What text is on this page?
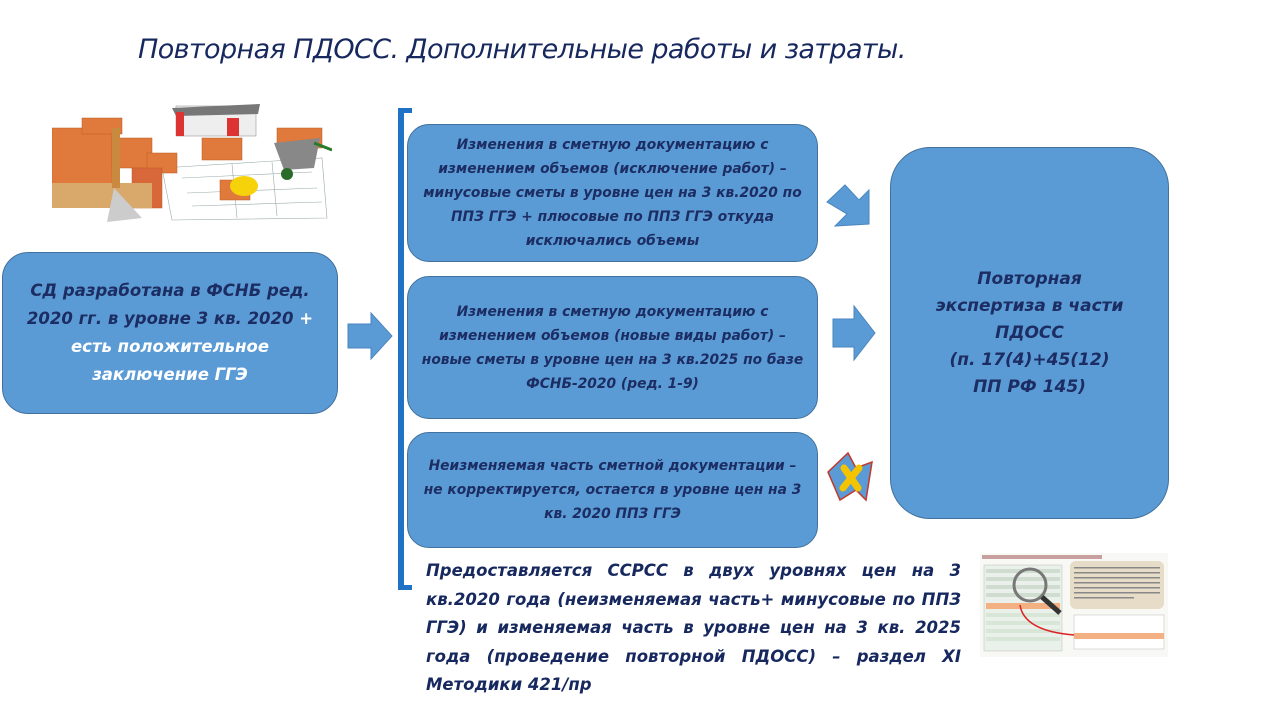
Повторная ПДОСС. Дополнительные работы и затраты.
СД разработана в ФСНБ ред. 2020 гг. в уровне 3 кв. 2020 + есть положительное заключение ГГЭ
Изменения в сметную документацию с изменением объемов (исключение работ) – минусовые сметы в уровне цен на 3 кв.2020 по ППЗ ГГЭ + плюсовые по ППЗ ГГЭ откуда исключались объемы
Изменения в сметную документацию с изменением объемов (новые виды работ) – новые сметы в уровне цен на 3 кв.2025 по базе ФСНБ-2020 (ред. 1-9)
Неизменяемая часть сметной документации – не корректируется, остается в уровне цен на 3 кв. 2020 ППЗ ГГЭ
Повторная
экспертиза в части
ПДОСС
(п. 17(4)+45(12)
ПП РФ 145)
Предоставляется ССРСС в двух уровнях цен на 3 кв.2020 года (неизменяемая часть+ минусовые по ППЗ ГГЭ) и изменяемая часть в уровне цен на 3 кв. 2025 года (проведение повторной ПДОСС) – раздел XI Методики 421/пр
